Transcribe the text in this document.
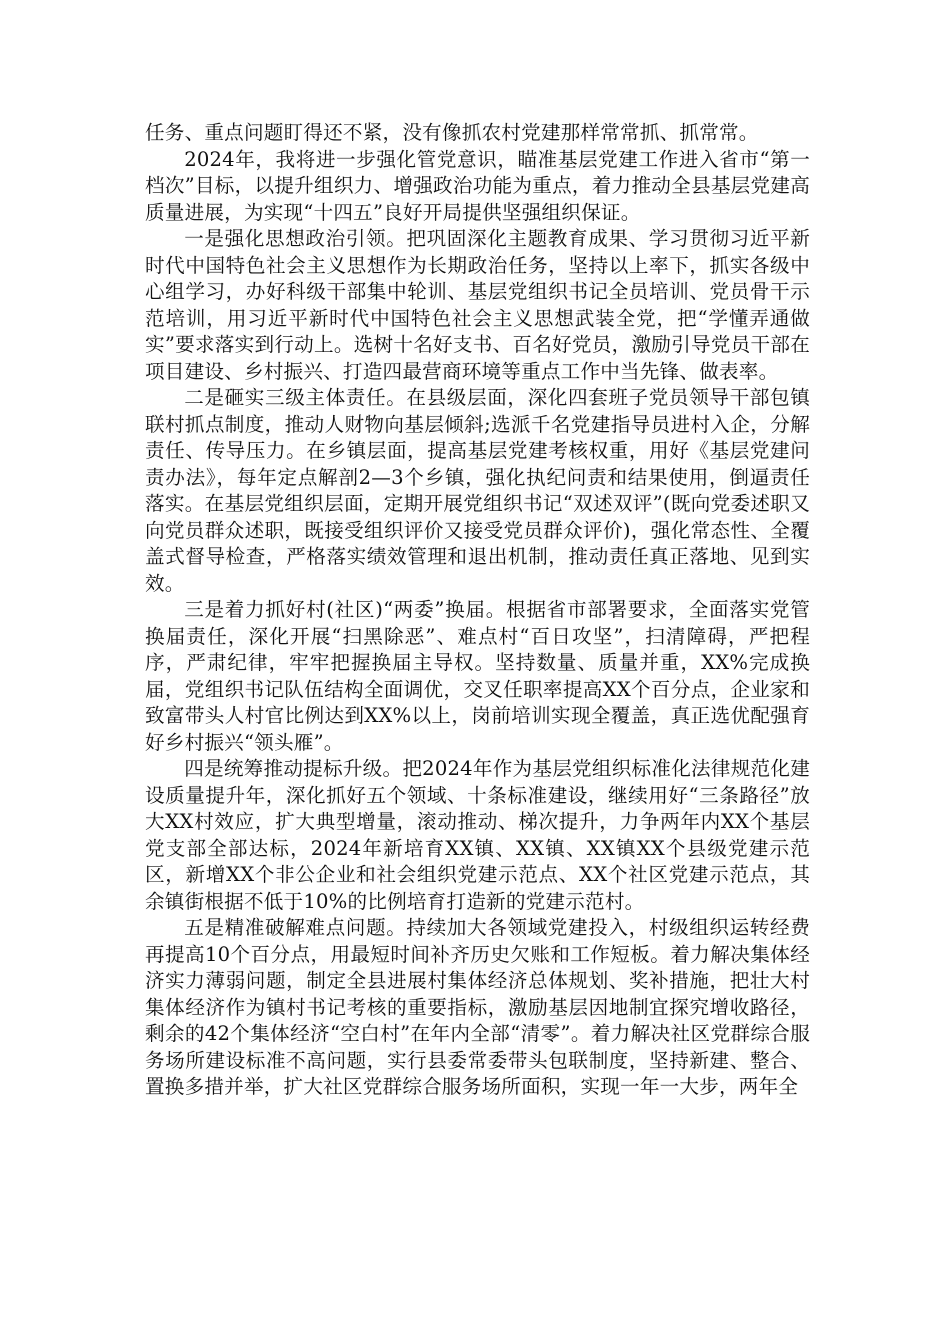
任务、重点问题盯得还不紧，没有像抓农村党建那样常常抓、抓常常。

2024年，我将进一步强化管党意识，瞄准基层党建工作进入省市“第一档次”目标，以提升组织力、增强政治功能为重点，着力推动全县基层党建高质量进展，为实现“十四五”良好开局提供坚强组织保证。

一是强化思想政治引领。把巩固深化主题教育成果、学习贯彻习近平新时代中国特色社会主义思想作为长期政治任务，坚持以上率下，抓实各级中心组学习，办好科级干部集中轮训、基层党组织书记全员培训、党员骨干示范培训，用习近平新时代中国特色社会主义思想武装全党，把“学懂弄通做实”要求落实到行动上。选树十名好支书、百名好党员，激励引导党员干部在项目建设、乡村振兴、打造四最营商环境等重点工作中当先锋、做表率。

二是砸实三级主体责任。在县级层面，深化四套班子党员领导干部包镇联村抓点制度，推动人财物向基层倾斜;选派千名党建指导员进村入企，分解责任、传导压力。在乡镇层面，提高基层党建考核权重，用好《基层党建问责办法》，每年定点解剖2—3个乡镇，强化执纪问责和结果使用，倒逼责任落实。在基层党组织层面，定期开展党组织书记“双述双评”(既向党委述职又向党员群众述职，既接受组织评价又接受党员群众评价)，强化常态性、全覆盖式督导检查，严格落实绩效管理和退出机制，推动责任真正落地、见到实效。

三是着力抓好村(社区)“两委”换届。根据省市部署要求，全面落实党管换届责任，深化开展“扫黑除恶”、难点村“百日攻坚”，扫清障碍，严把程序，严肃纪律，牢牢把握换届主导权。坚持数量、质量并重，XX%完成换届，党组织书记队伍结构全面调优，交叉任职率提高XX个百分点，企业家和致富带头人村官比例达到XX%以上，岗前培训实现全覆盖，真正选优配强育好乡村振兴“领头雁”。

四是统筹推动提标升级。把2024年作为基层党组织标准化法律规范化建设质量提升年，深化抓好五个领域、十条标准建设，继续用好“三条路径”放大XX村效应，扩大典型增量，滚动推动、梯次提升，力争两年内XX个基层党支部全部达标，2024年新培育XX镇、XX镇、XX镇XX个县级党建示范区，新增XX个非公企业和社会组织党建示范点、XX个社区党建示范点，其余镇街根据不低于10%的比例培育打造新的党建示范村。

五是精准破解难点问题。持续加大各领域党建投入，村级组织运转经费再提高10个百分点，用最短时间补齐历史欠账和工作短板。着力解决集体经济实力薄弱问题，制定全县进展村集体经济总体规划、奖补措施，把壮大村集体经济作为镇村书记考核的重要指标，激励基层因地制宜探究增收路径，剩余的42个集体经济“空白村”在年内全部“清零”。着力解决社区党群综合服务场所建设标准不高问题，实行县委常委带头包联制度，坚持新建、整合、置换多措并举，扩大社区党群综合服务场所面积，实现一年一大步，两年全
